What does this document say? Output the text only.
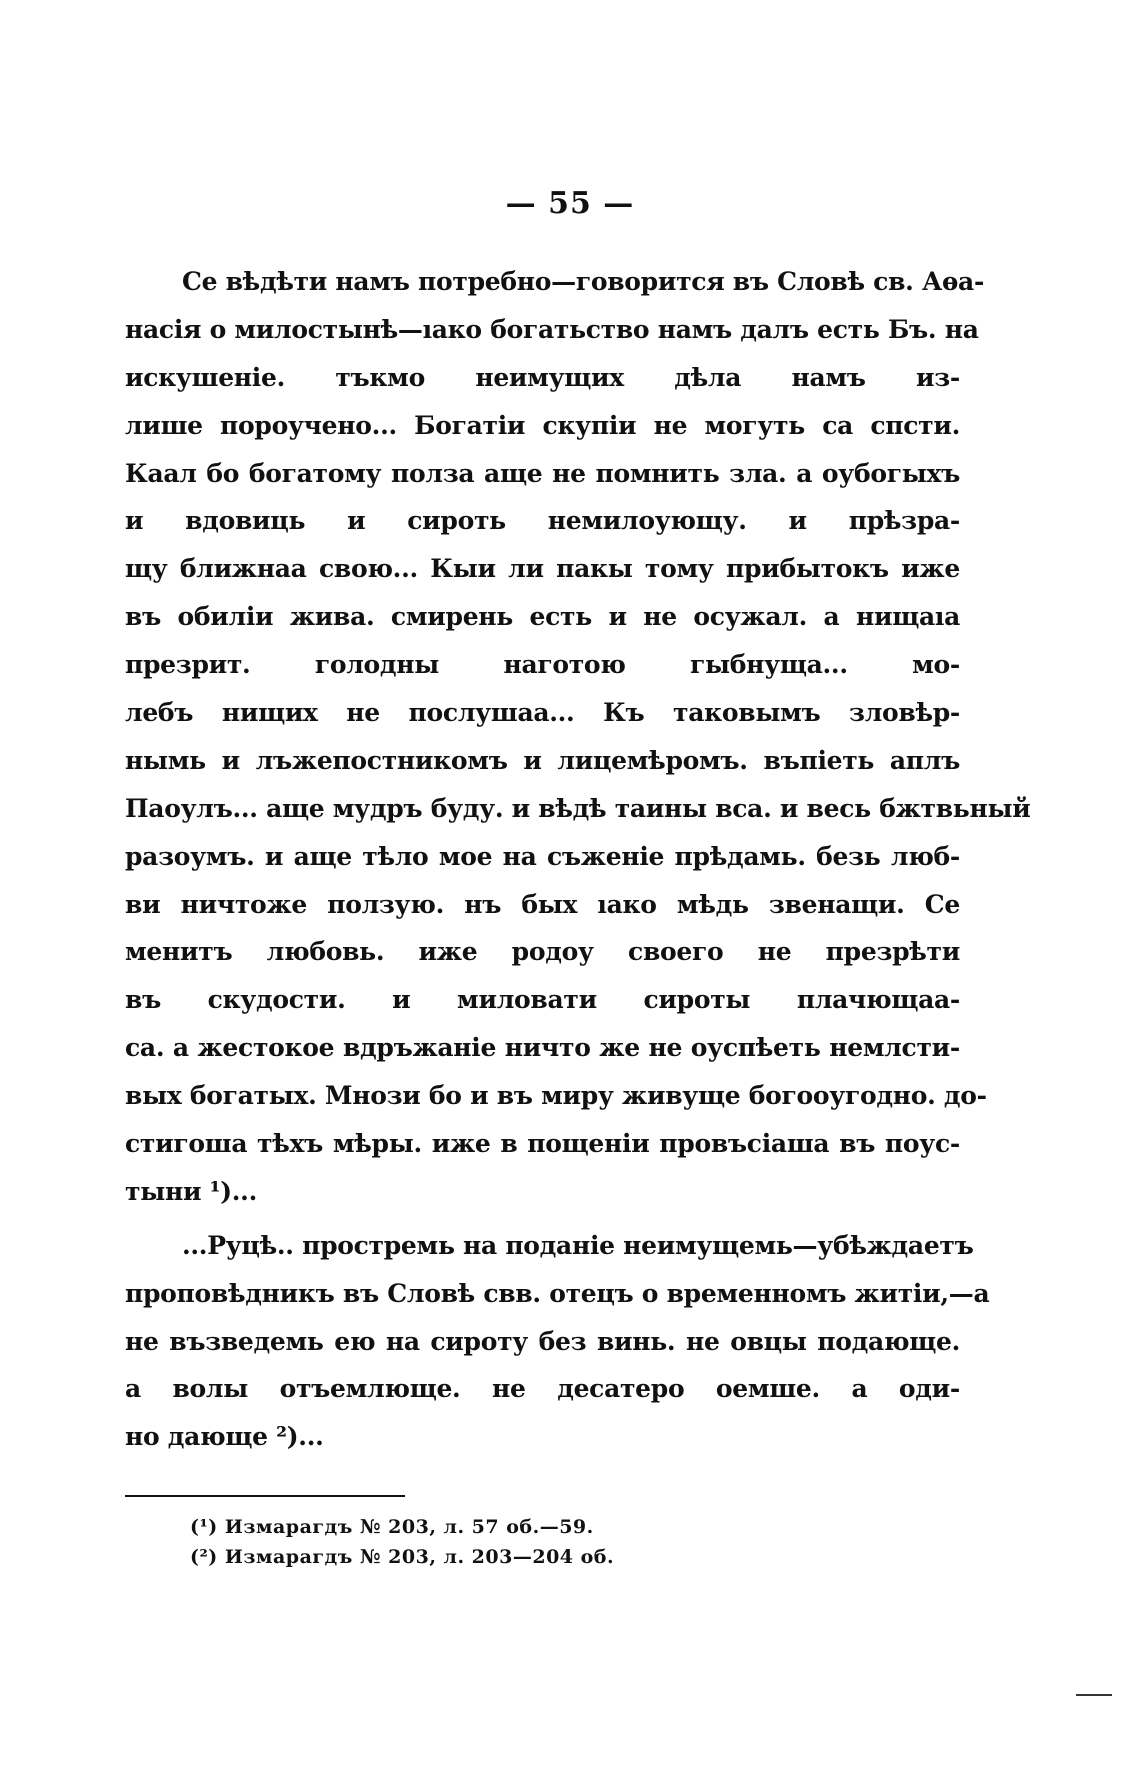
— 55 —
Се вѣдѣти намъ потребно—говорится въ Словѣ св. Аѳа-
насія о милостынѣ—ıако богатьство намъ далъ есть Бъ. на
искушеніе. тъкмо неимущих дѣла намъ из-
лише пороучено... Богатіи скупіи не могуть са спсти.
Каал бо богатому полза аще не помнить зла. а оубогыхъ
и вдовиць и сироть немилоующу. и прѣзра-
щу ближнаа свою... Кыи ли пакы тому прибытокъ иже
въ обиліи жива. смирень есть и не осужал. а нищаıа
презрит. голодны наготою гыбнуща... мо-
лебъ нищих не послушаа... Къ таковымъ зловѣр-
нымь и лъжепостникомъ и лицемѣромъ. въпіеть аплъ
Паоулъ... аще мудръ буду. и вѣдѣ таины вса. и весь бжтвьный
разоумъ. и аще тѣло мое на съженіе прѣдамь. безь люб-
ви ничтоже ползую. нъ бых ıако мѣдь звенащи. Се
менитъ любовь. иже родоу своего не презрѣти
въ скудости. и миловати сироты плачющаа-
са. а жестокое вдръжаніе ничто же не оуспѣеть немлсти-
вых богатых. Мнози бо и въ миру живуще богооугодно. до-
стигоша тѣхъ мѣры. иже в пощеніи провъсіаша въ поус-
тыни ¹)...
...Руцѣ.. простремь на поданіе неимущемь—убѣждаетъ
проповѣдникъ въ Словѣ свв. отецъ о временномъ житіи,—а
не възведемь ею на сироту без винь. не овцы подающе.
а волы отъемлюще. не десатеро оемше. а оди-
но дающе ²)...
(¹) Измарагдъ № 203, л. 57 об.—59.
(²) Измарагдъ № 203, л. 203—204 об.
